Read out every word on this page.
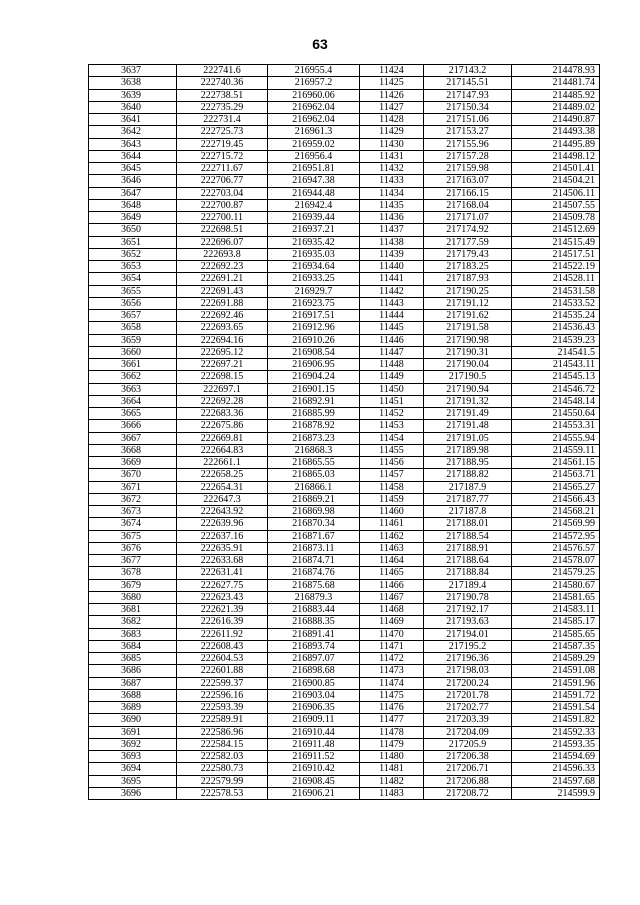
63
3637	222741.6	216955.4	11424	217143.2	214478.93
3638	222740.36	216957.2	11425	217145.51	214481.74
3639	222738.51	216960.06	11426	217147.93	214485.92
3640	222735.29	216962.04	11427	217150.34	214489.02
3641	222731.4	216962.04	11428	217151.06	214490.87
3642	222725.73	216961.3	11429	217153.27	214493.38
3643	222719.45	216959.02	11430	217155.96	214495.89
3644	222715.72	216956.4	11431	217157.28	214498.12
3645	222711.67	216951.81	11432	217159.98	214501.41
3646	222706.77	216947.38	11433	217163.07	214504.21
3647	222703.04	216944.48	11434	217166.15	214506.11
3648	222700.87	216942.4	11435	217168.04	214507.55
3649	222700.11	216939.44	11436	217171.07	214509.78
3650	222698.51	216937.21	11437	217174.92	214512.69
3651	222696.07	216935.42	11438	217177.59	214515.49
3652	222693.8	216935.03	11439	217179.43	214517.51
3653	222692.23	216934.64	11440	217183.25	214522.19
3654	222691.21	216933.25	11441	217187.93	214528.11
3655	222691.43	216929.7	11442	217190.25	214531.58
3656	222691.88	216923.75	11443	217191.12	214533.52
3657	222692.46	216917.51	11444	217191.62	214535.24
3658	222693.65	216912.96	11445	217191.58	214536.43
3659	222694.16	216910.26	11446	217190.98	214539.23
3660	222695.12	216908.54	11447	217190.31	214541.5
3661	222697.21	216906.95	11448	217190.04	214543.11
3662	222698.15	216904.24	11449	217190.5	214545.13
3663	222697.1	216901.15	11450	217190.94	214546.72
3664	222692.28	216892.91	11451	217191.32	214548.14
3665	222683.36	216885.99	11452	217191.49	214550.64
3666	222675.86	216878.92	11453	217191.48	214553.31
3667	222669.81	216873.23	11454	217191.05	214555.94
3668	222664.83	216868.3	11455	217189.98	214559.11
3669	222661.1	216865.55	11456	217188.95	214561.15
3670	222658.25	216865.03	11457	217188.82	214563.71
3671	222654.31	216866.1	11458	217187.9	214565.27
3672	222647.3	216869.21	11459	217187.77	214566.43
3673	222643.92	216869.98	11460	217187.8	214568.21
3674	222639.96	216870.34	11461	217188.01	214569.99
3675	222637.16	216871.67	11462	217188.54	214572.95
3676	222635.91	216873.11	11463	217188.91	214576.57
3677	222633.68	216874.71	11464	217188.64	214578.07
3678	222631.41	216874.76	11465	217188.84	214579.25
3679	222627.75	216875.68	11466	217189.4	214580.67
3680	222623.43	216879.3	11467	217190.78	214581.65
3681	222621.39	216883.44	11468	217192.17	214583.11
3682	222616.39	216888.35	11469	217193.63	214585.17
3683	222611.92	216891.41	11470	217194.01	214585.65
3684	222608.43	216893.74	11471	217195.2	214587.35
3685	222604.53	216897.07	11472	217196.36	214589.29
3686	222601.88	216898.68	11473	217198.03	214591.08
3687	222599.37	216900.85	11474	217200.24	214591.96
3688	222596.16	216903.04	11475	217201.78	214591.72
3689	222593.39	216906.35	11476	217202.77	214591.54
3690	222589.91	216909.11	11477	217203.39	214591.82
3691	222586.96	216910.44	11478	217204.09	214592.33
3692	222584.15	216911.48	11479	217205.9	214593.35
3693	222582.03	216911.52	11480	217206.38	214594.69
3694	222580.73	216910.42	11481	217206.71	214596.33
3695	222579.99	216908.45	11482	217206.88	214597.68
3696	222578.53	216906.21	11483	217208.72	214599.9
